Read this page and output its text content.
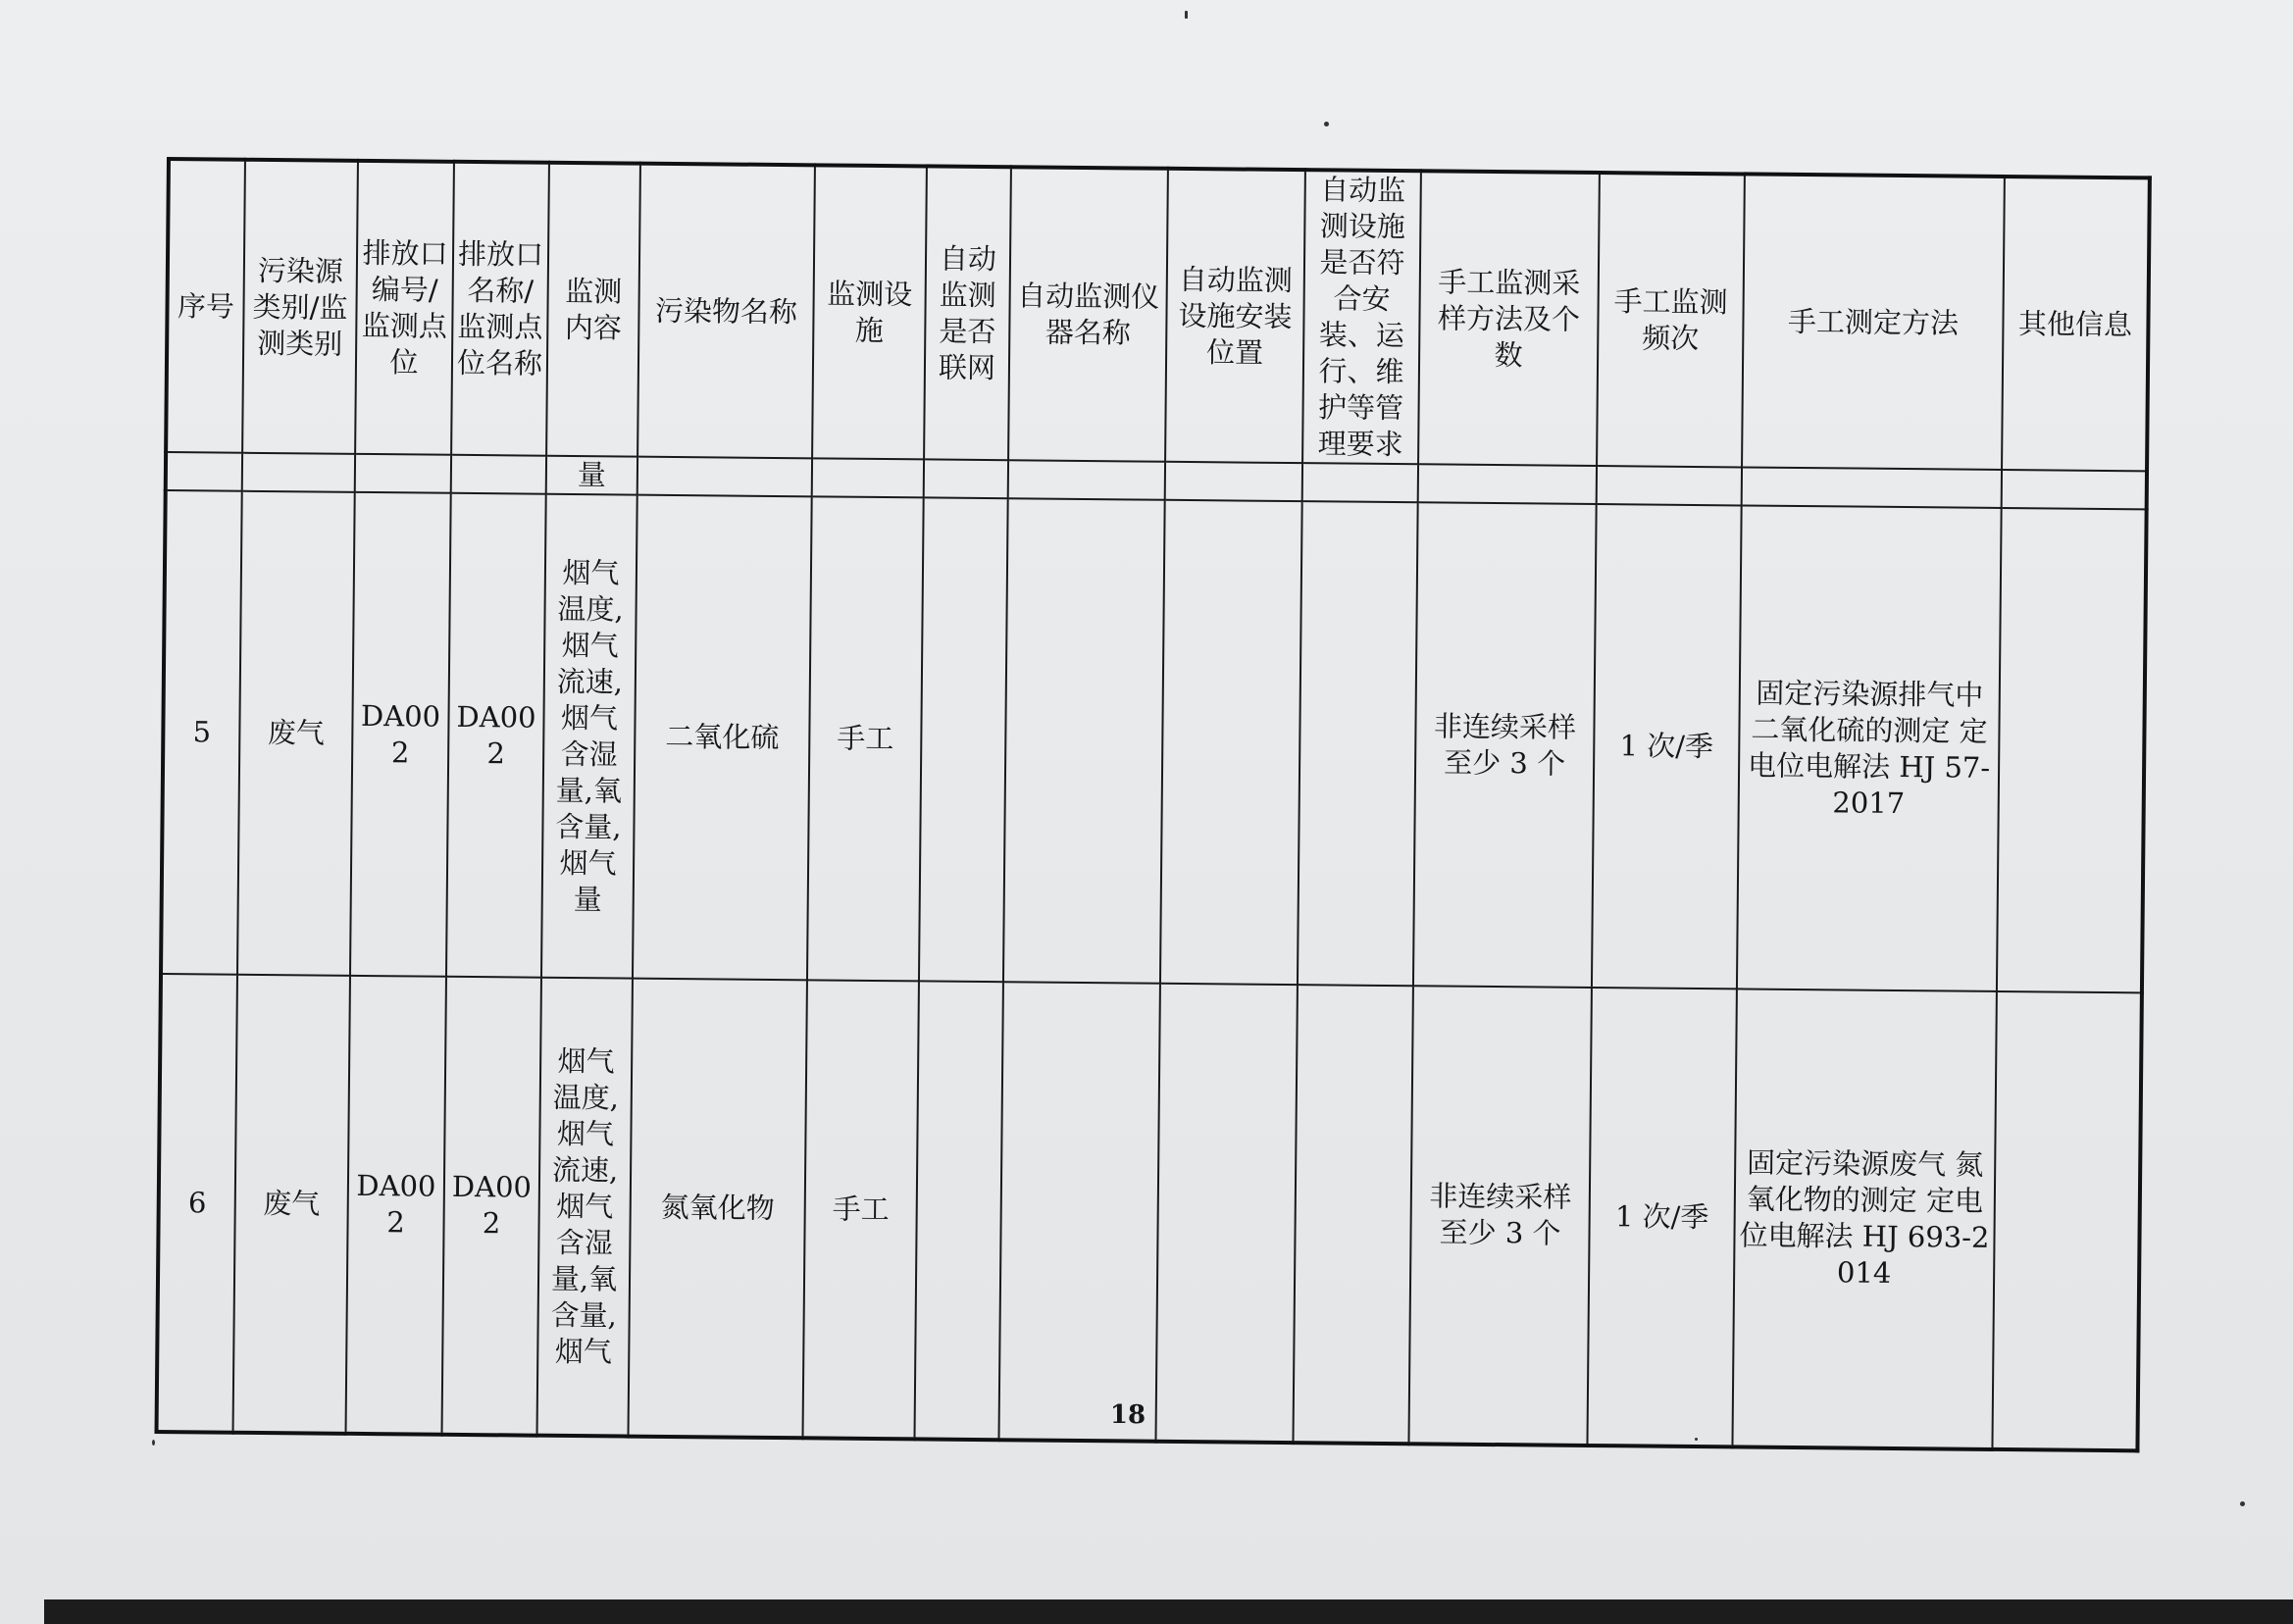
序号	污染源类别/监测类别	排放口编号/监测点位	排放口名称/监测点位名称	监测内容	污染物名称	监测设施	自动监测是否联网	自动监测仪器名称	自动监测设施安装位置	自动监测设施是否符合安装、运行、维护等管理要求	手工监测采样方法及个数	手工监测频次	手工测定方法	其他信息
				量										
5	废气	DA002	DA002	烟气温度,烟气流速,烟气含湿量,氧含量,烟气量	二氧化硫	手工					非连续采样至少 3 个	1 次/季	固定污染源排气中二氧化硫的测定 定电位电解法 HJ 57-2017	
6	废气	DA002	DA002	烟气温度,烟气流速,烟气含湿量,氧含量,烟气	氮氧化物	手工					非连续采样至少 3 个	1 次/季	固定污染源废气 氮氧化物的测定 定电位电解法 HJ 693-2014	
18
